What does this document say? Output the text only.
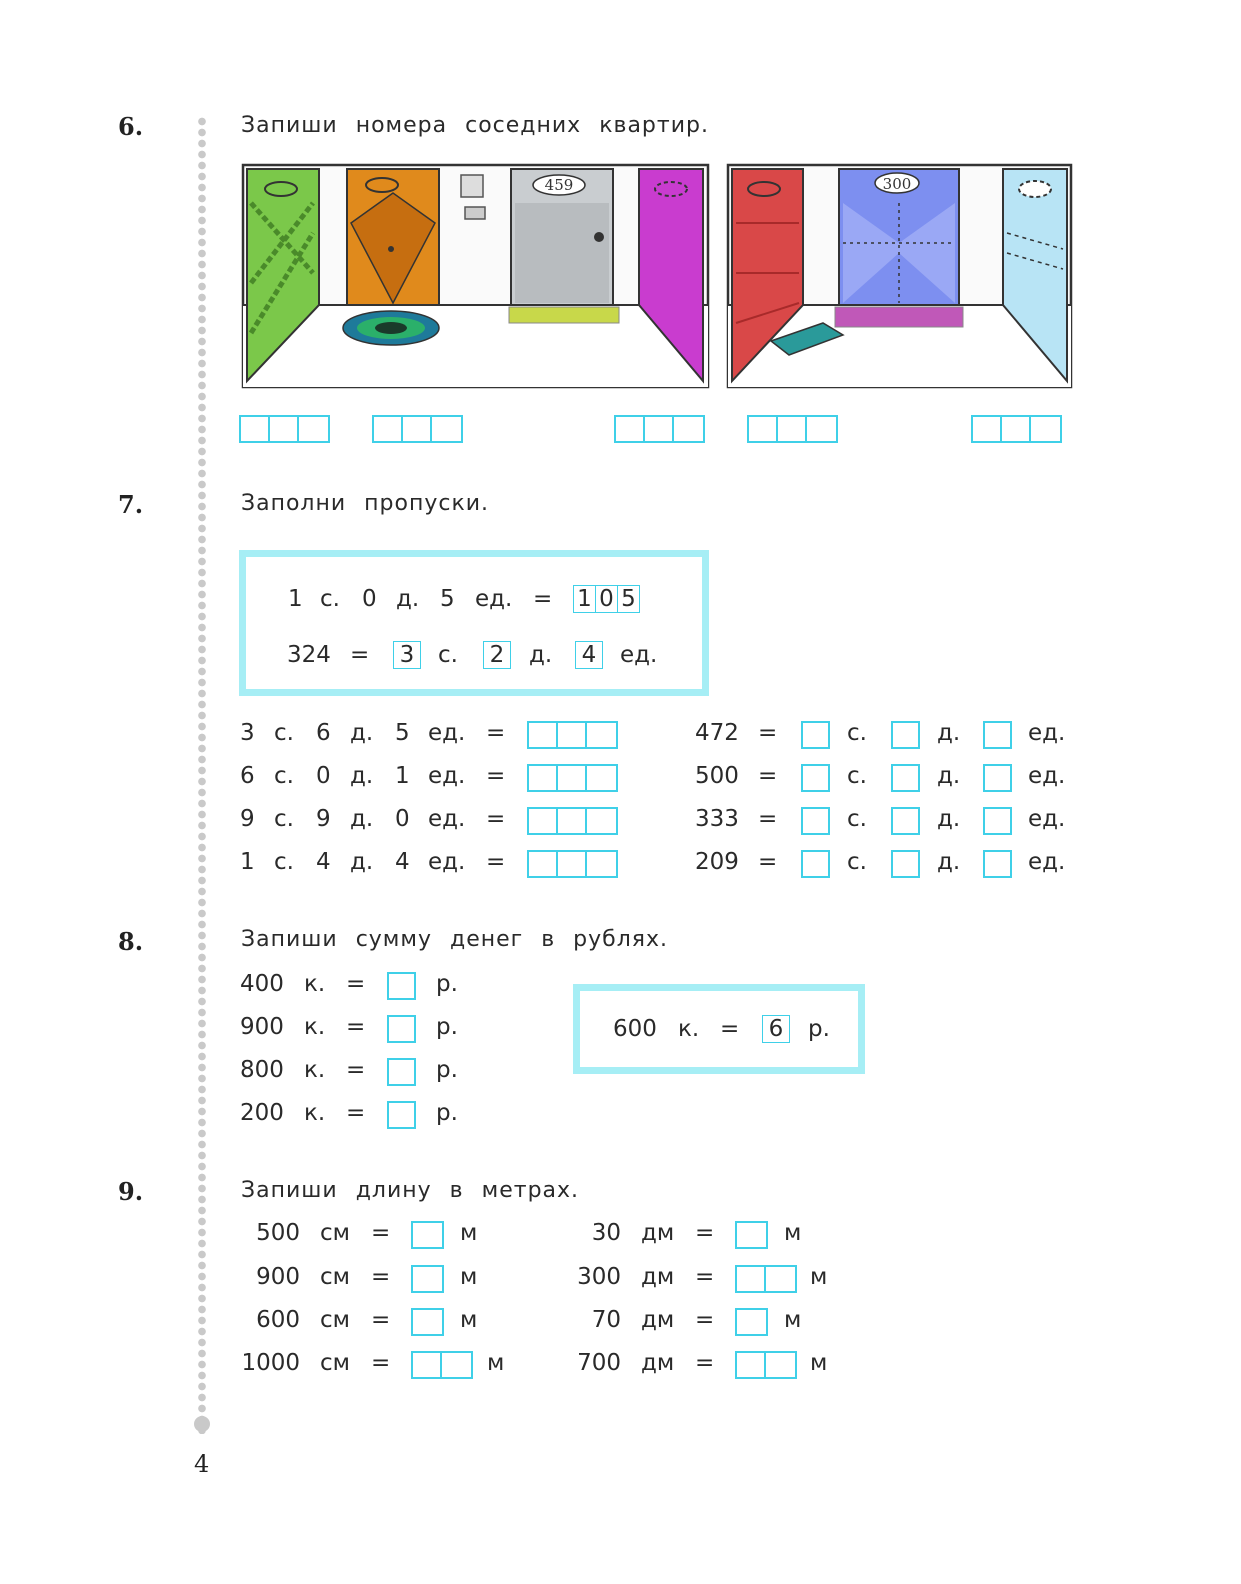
4
6.	Запиши номера соседних квартир.
459	300
7.	Заполни пропуски.
1 с. 0 д. 5 ед. = 1 0 5
324 = 3 с. 2 д. 4 ед.
3 с. 6 д. 5 ед. =
6 с. 0 д. 1 ед. =
9 с. 9 д. 0 ед. =
1 с. 4 д. 4 ед. =
472 =	с.	д.	ед.
500 =	с.	д.	ед.
333 =	с.	д.	ед.
209 =	с.	д.	ед.
8.	Запиши сумму денег в рублях.
400 к. =	р.
900 к. =	р.
800 к. =	р.
200 к. =	р.
600 к. = 6 р.
9.	Запиши длину в метрах.
500 см =	м
900 см =	м
600 см =	м
1000 см =	м
30 дм =	м
300 дм =	м
70 дм =	м
700 дм =	м
